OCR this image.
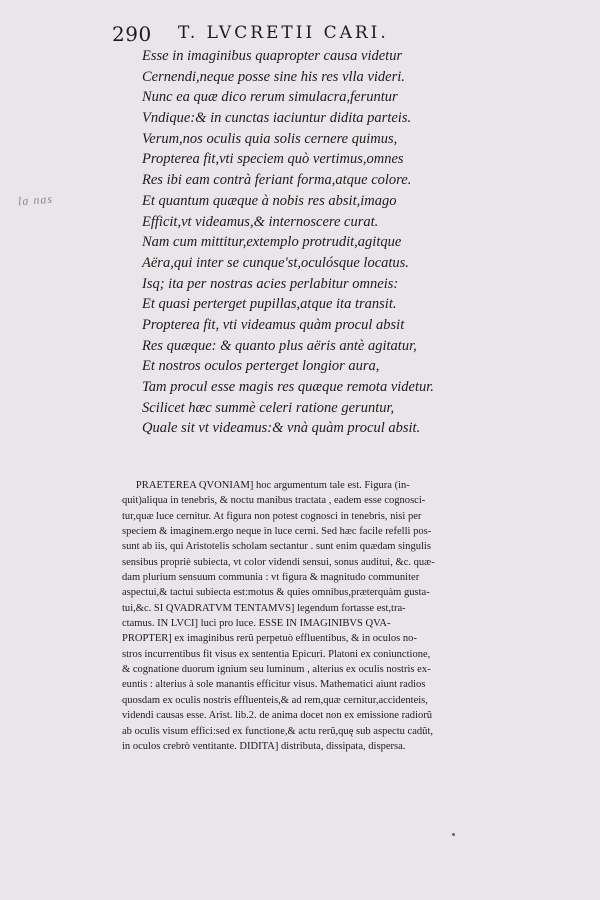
290 T. LVCRETII CARI.
la nas
Esse in imaginibus quapropter causa videtur
Cernendi,neque posse sine his res vlla videri.
Nunc ea quæ dico rerum simulacra,feruntur
Vndique:& in cunctas iaciuntur didita parteis.
Verum,nos oculis quia solis cernere quimus,
Propterea fit,vti speciem quò vertimus,omnes
Res ibi eam contrà feriant forma,atque colore.
Et quantum quæque à nobis res absit,imago
Efficit,vt videamus,& internoscere curat.
Nam cum mittitur,extemplo protrudit,agitque
Aëra,qui inter se cunque'st,oculósque locatus.
Isq; ita per nostras acies perlabitur omneis:
Et quasi perterget pupillas,atque ita transit.
Propterea fit, vti videamus quàm procul absit
Res quæque: & quanto plus aëris antè agitatur,
Et nostros oculos perterget longior aura,
Tam procul esse magis res quæque remota videtur.
Scilicet hæc summè celeri ratione geruntur,
Quale sit vt videamus:& vnà quàm procul absit.
PRAETEREA QVONIAM] hoc argumentum tale est. Figura (in-
quit)aliqua in tenebris, & noctu manibus tractata , eadem esse cognosci-
tur,quæ luce cernitur. At figura non potest cognosci in tenebris, nisi per
speciem & imaginem.ergo neque in luce cerni. Sed hæc facile refelli pos-
sunt ab iis, qui Aristotelis scholam sectantur . sunt enim quædam singulis
sensibus propriè subiecta, vt color videndi sensui, sonus auditui, &c. quæ-
dam plurium sensuum communia : vt figura & magnitudo communiter
aspectui,& tactui subiecta est:motus & quies omnibus,præterquàm gusta-
tui,&c. SI QVADRATVM TENTAMVS] legendum fortasse est,tra-
ctamus. IN LVCI] luci pro luce. ESSE IN IMAGINIBVS QVA-
PROPTER] ex imaginibus rerũ perpetuò effluentibus, & in oculos no-
stros incurrentibus fit visus ex sententia Epicuri. Platoni ex coniunctione,
& cognatione duorum ignium seu luminum , alterius ex oculis nostris ex-
euntis : alterius à sole manantis efficitur visus. Mathematici aiunt radios
quosdam ex oculis nostris effluenteis,& ad rem,quæ cernitur,accidenteis,
videndi causas esse. Arist. lib.2. de anima docet non ex emissione radiorũ
ab oculis visum effici:sed ex functione,& actu rerũ,quę sub aspectu cadũt,
in oculos crebrò ventitante. DIDITA] distributa, dissipata, dispersa.
